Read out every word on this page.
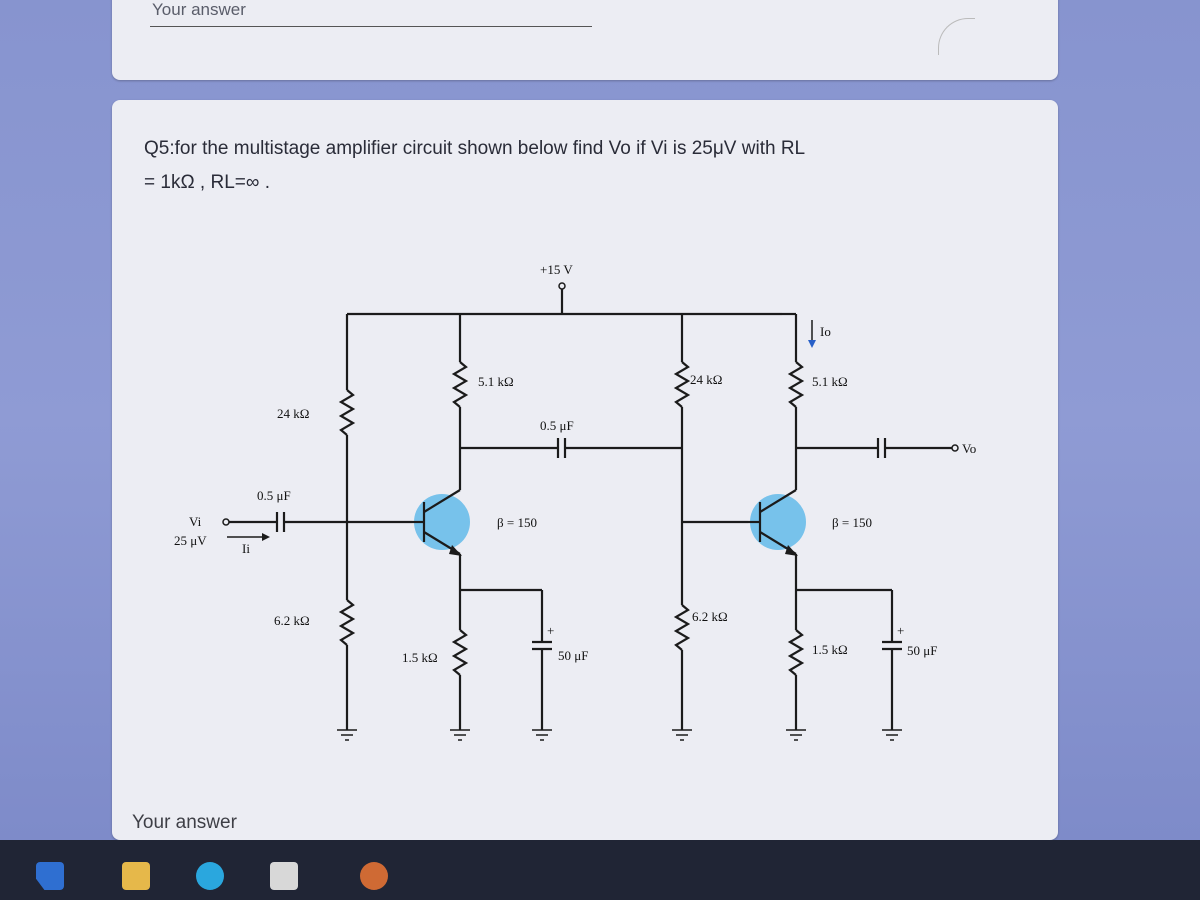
Your answer
Q5:for the multistage amplifier circuit shown below find Vo if Vi is 25μV with RL
= 1kΩ , RL=∞ .
+15 V
24 kΩ
6.2 kΩ
Vi
25 μV
0.5 μF
Ii
β = 150
5.1 kΩ
0.5 μF
1.5 kΩ
+
50 μF
24 kΩ
6.2 kΩ
β = 150
Io
5.1 kΩ
Vo
1.5 kΩ
+
50 μF
Your answer
